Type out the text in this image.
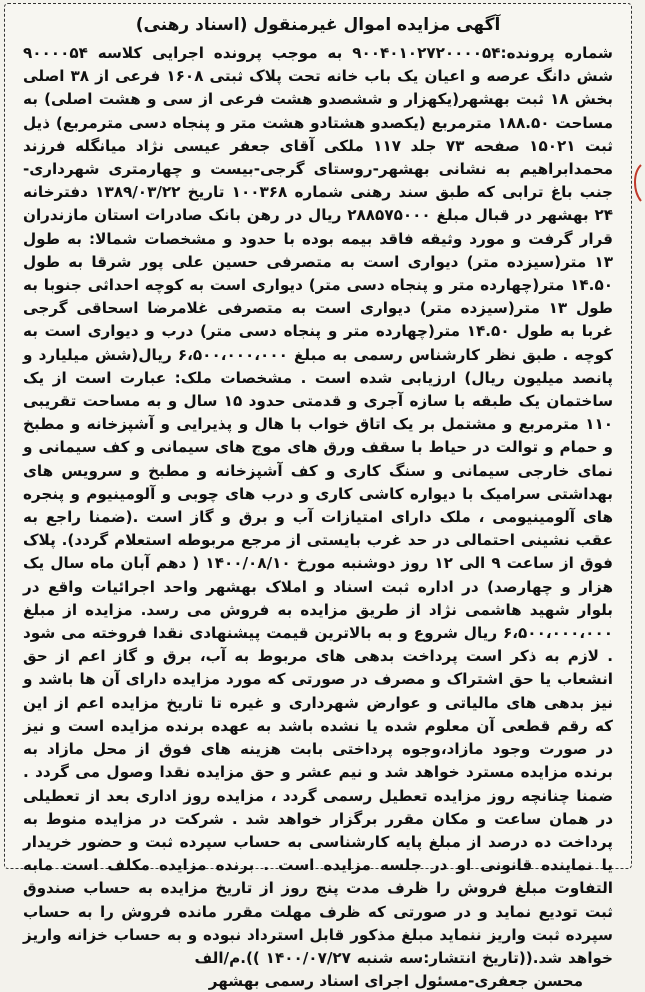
آگهی مزایده اموال غیرمنقول (اسناد رهنی)

شماره پرونده:۹۰۰۴۰۱۰۲۷۲۰۰۰۰۵۴ به موجب پرونده اجرایی کلاسه ۹۰۰۰۰۵۴ شش دانگ عرصه و اعیان یک باب خانه تحت پلاک ثبتی ۱۶۰۸ فرعی از ۳۸ اصلی بخش ۱۸ ثبت بهشهر(یکهزار و ششصدو هشت فرعی از سی و هشت اصلی) به مساحت ۱۸۸.۵۰ مترمربع (یکصدو هشتادو هشت متر و پنجاه دسی مترمربع) ذیل ثبت ۱۵۰۲۱ صفحه ۷۳ جلد ۱۱۷ ملکی آقای جعفر عیسی نژاد میانگله فرزند محمدابراهیم به نشانی بهشهر-روستای گرجی-بیست و چهارمتری شهرداری-جنب باغ ترابی که طبق سند رهنی شماره ۱۰۰۳۶۸ تاریخ ۱۳۸۹/۰۳/۲۲ دفترخانه ۲۴ بهشهر در قبال مبلغ ۲۸۸۵۷۵۰۰۰ ریال در رهن بانک صادرات استان مازندران قرار گرفت و مورد وثیقه فاقد بیمه بوده با حدود و مشخصات شمالا: به طول ۱۳ متر(سیزده متر) دیواری است به متصرفی حسین علی پور شرقا به طول ۱۴.۵۰ متر(چهارده متر و پنجاه دسی متر) دیواری است به کوچه احداثی جنوبا به طول ۱۳ متر(سیزده متر) دیواری است به متصرفی غلامرضا اسحاقی گرجی غربا به طول ۱۴.۵۰ متر(چهارده متر و پنجاه دسی متر) درب و دیواری است به کوچه . طبق نظر کارشناس رسمی به مبلغ ۶،۵۰۰،۰۰۰،۰۰۰ ریال(شش میلیارد و پانصد میلیون ریال) ارزیابی شده است . مشخصات ملک: عبارت است از یک ساختمان یک طبقه با سازه آجری و قدمتی حدود ۱۵ سال و به مساحت تقریبی ۱۱۰ مترمربع و مشتمل بر یک اتاق خواب با هال و پذیرایی و آشپزخانه و مطبخ و حمام و توالت در حیاط با سقف ورق های موج های سیمانی و کف سیمانی و نمای خارجی سیمانی و سنگ کاری و کف آشپزخانه و مطبخ و سرویس های بهداشتی سرامیک با دیواره کاشی کاری و درب های چوبی و آلومینیوم و پنجره های آلومینیومی ، ملک دارای امتیازات آب و برق و گاز است .(ضمنا راجع به عقب نشینی احتمالی در حد غرب بایستی از مرجع مربوطه استعلام گردد). پلاک فوق از ساعت ۹ الی ۱۲ روز دوشنبه مورخ ۱۴۰۰/۰۸/۱۰ ( دهم آبان ماه سال یک هزار و چهارصد) در اداره ثبت اسناد و املاک بهشهر واحد اجرائیات واقع در بلوار شهید هاشمی نژاد از طریق مزایده به فروش می رسد. مزایده از مبلغ ۶،۵۰۰،۰۰۰،۰۰۰ ریال شروع و به بالاترین قیمت پیشنهادی نقدا فروخته می شود . لازم به ذکر است پرداخت بدهی های مربوط به آب، برق و گاز اعم از حق انشعاب یا حق اشتراک و مصرف در صورتی که مورد مزایده دارای آن ها باشد و نیز بدهی های مالیاتی و عوارض شهرداری و غیره تا تاریخ مزایده اعم از این که رقم قطعی آن معلوم شده یا نشده باشد به عهده برنده مزایده است و نیز در صورت وجود مازاد،وجوه پرداختی بابت هزینه های فوق از محل مازاد به برنده مزایده مسترد خواهد شد و نیم عشر و حق مزایده نقدا وصول می گردد . ضمنا چنانچه روز مزایده تعطیل رسمی گردد ، مزایده روز اداری بعد از تعطیلی در همان ساعت و مکان مقرر برگزار خواهد شد . شرکت در مزایده منوط به پرداخت ده درصد از مبلغ پایه کارشناسی به حساب سپرده ثبت و حضور خریدار یا نماینده قانونی او در جلسه مزایده است . برنده مزایده مکلف است مابه التفاوت مبلغ فروش را ظرف مدت پنج روز از تاریخ مزایده به حساب صندوق ثبت تودیع نماید و در صورتی که ظرف مهلت مقرر مانده فروش را به حساب سپرده ثبت واریز ننماید مبلغ مذکور قابل استرداد نبوده و به حساب خزانه واریز خواهد شد.((تاریخ انتشار:سه شنبه ۱۴۰۰/۰۷/۲۷ )).م/الف

محسن جعفری-مسئول اجرای اسناد رسمی بهشهر
